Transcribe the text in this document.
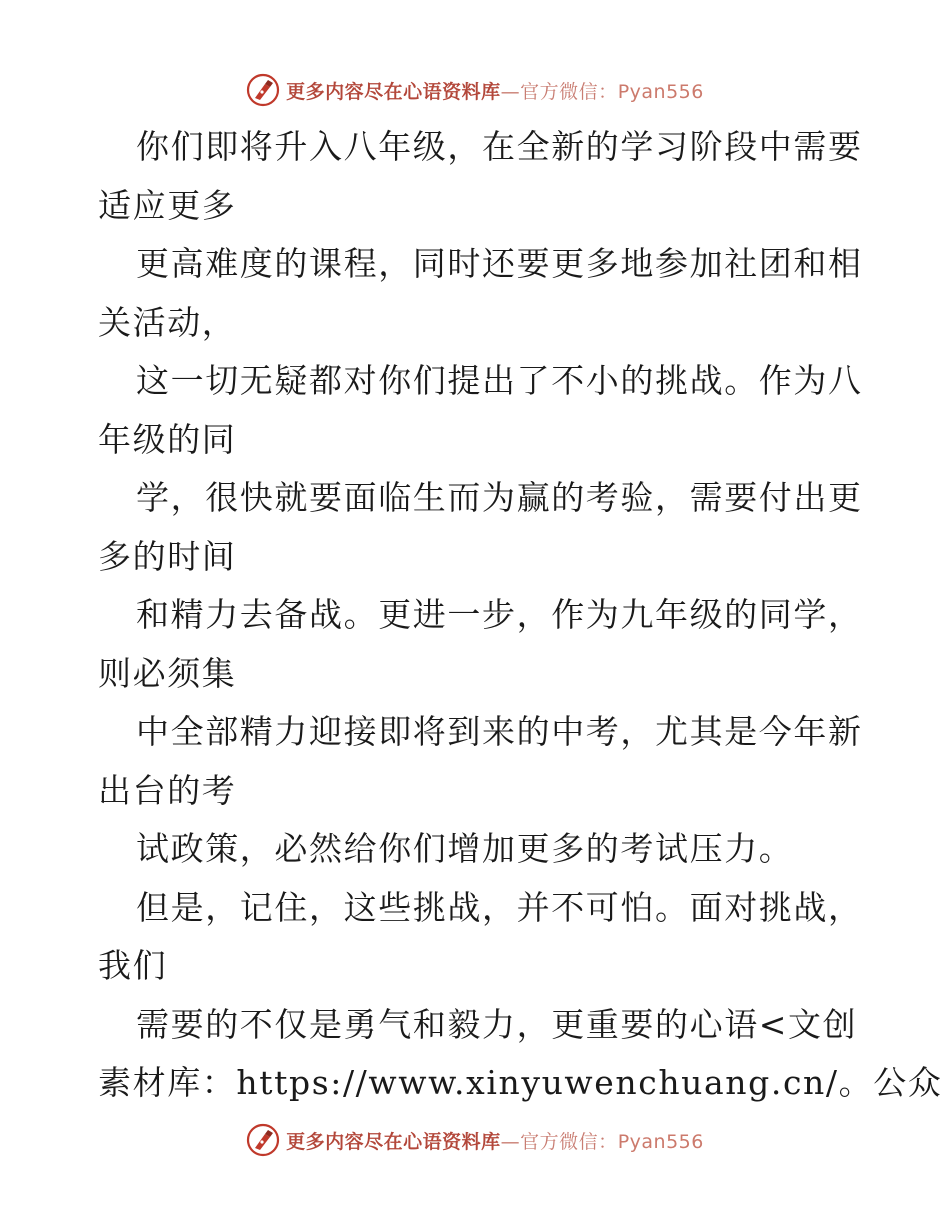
更多内容尽在心语资料库—官方微信：Pyan556
你们即将升入八年级，在全新的学习阶段中需要
适应更多
更高难度的课程，同时还要更多地参加社团和相
关活动，
这一切无疑都对你们提出了不小的挑战。作为八
年级的同
学，很快就要面临生而为赢的考验，需要付出更
多的时间
和精力去备战。更进一步，作为九年级的同学，
则必须集
中全部精力迎接即将到来的中考，尤其是今年新
出台的考
试政策，必然给你们增加更多的考试压力。
但是，记住，这些挑战，并不可怕。面对挑战，
我们
需要的不仅是勇气和毅力，更重要的心语<文创
素材库：https://www.xinyuwenchuang.cn/。公众
更多内容尽在心语资料库—官方微信：Pyan556
